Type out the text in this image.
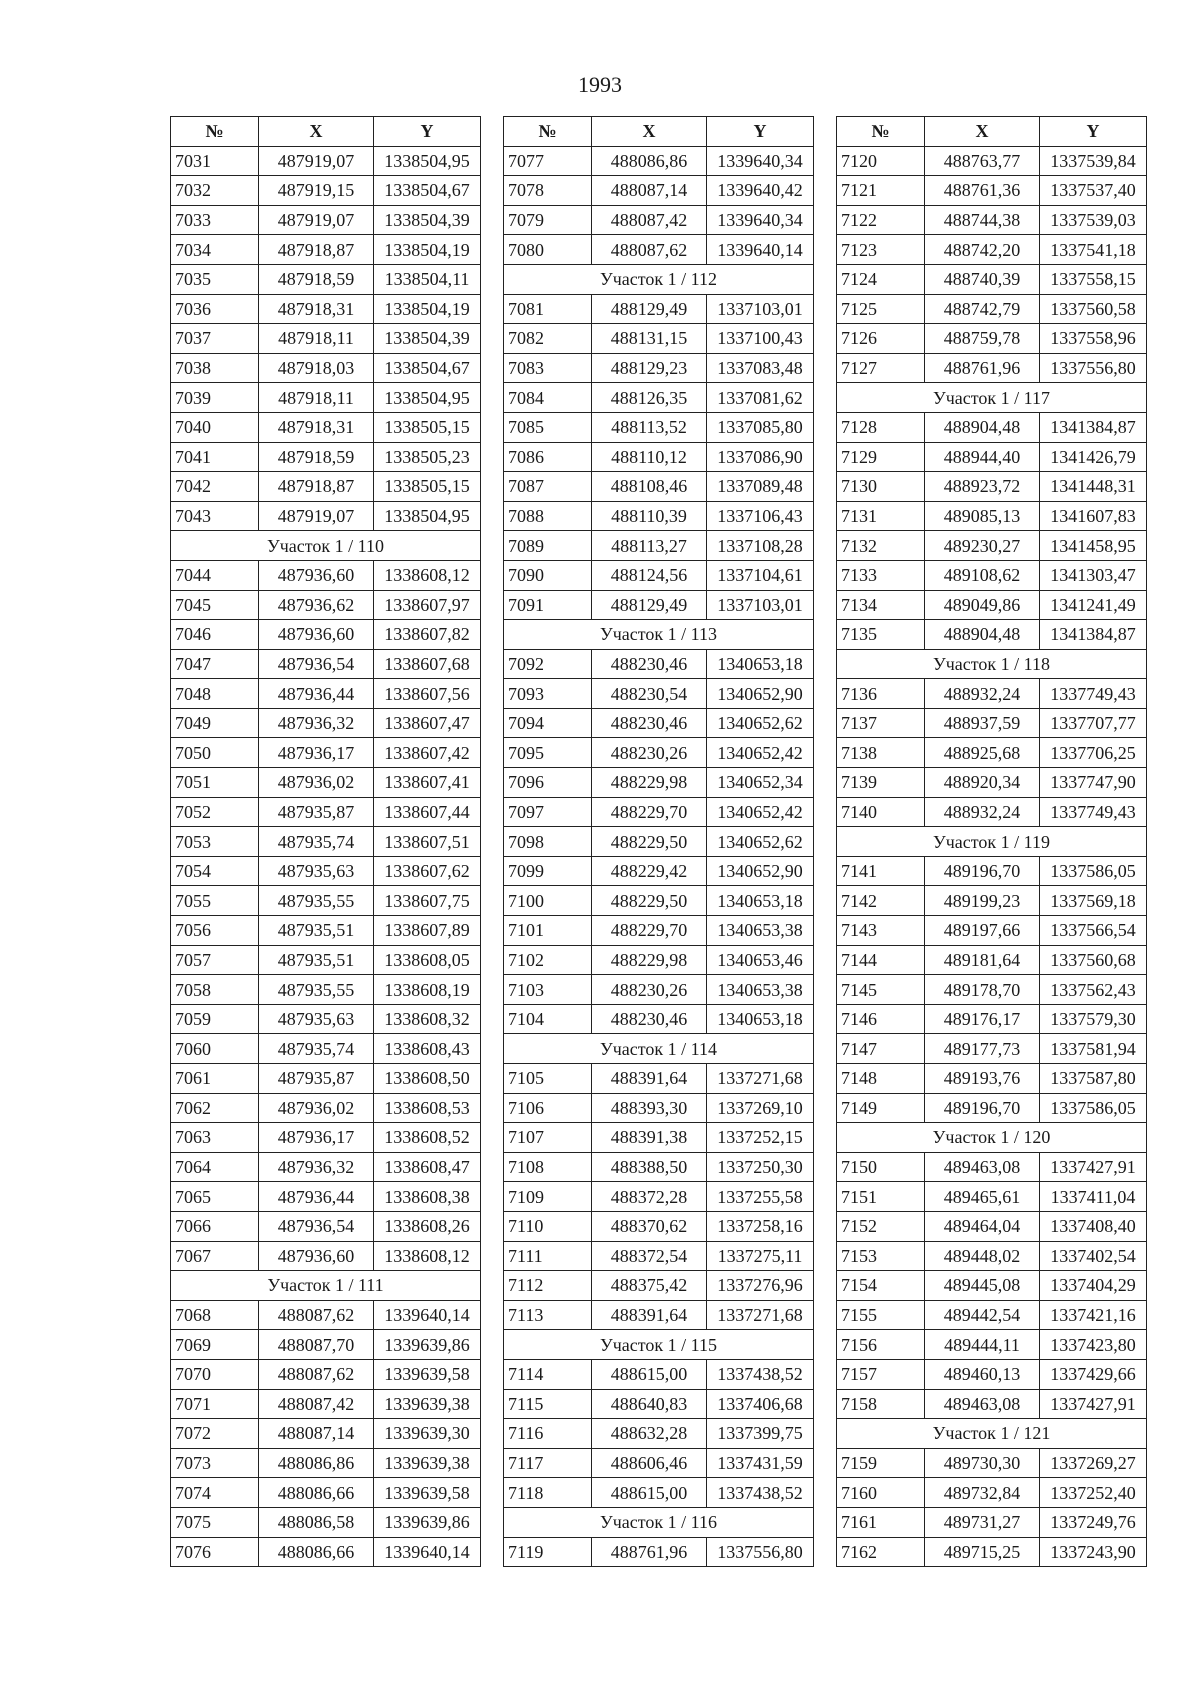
1993
№	X	Y
7031	487919,07	1338504,95
7032	487919,15	1338504,67
7033	487919,07	1338504,39
7034	487918,87	1338504,19
7035	487918,59	1338504,11
7036	487918,31	1338504,19
7037	487918,11	1338504,39
7038	487918,03	1338504,67
7039	487918,11	1338504,95
7040	487918,31	1338505,15
7041	487918,59	1338505,23
7042	487918,87	1338505,15
7043	487919,07	1338504,95
Участок 1 / 110		
7044	487936,60	1338608,12
7045	487936,62	1338607,97
7046	487936,60	1338607,82
7047	487936,54	1338607,68
7048	487936,44	1338607,56
7049	487936,32	1338607,47
7050	487936,17	1338607,42
7051	487936,02	1338607,41
7052	487935,87	1338607,44
7053	487935,74	1338607,51
7054	487935,63	1338607,62
7055	487935,55	1338607,75
7056	487935,51	1338607,89
7057	487935,51	1338608,05
7058	487935,55	1338608,19
7059	487935,63	1338608,32
7060	487935,74	1338608,43
7061	487935,87	1338608,50
7062	487936,02	1338608,53
7063	487936,17	1338608,52
7064	487936,32	1338608,47
7065	487936,44	1338608,38
7066	487936,54	1338608,26
7067	487936,60	1338608,12
Участок 1 / 111		
7068	488087,62	1339640,14
7069	488087,70	1339639,86
7070	488087,62	1339639,58
7071	488087,42	1339639,38
7072	488087,14	1339639,30
7073	488086,86	1339639,38
7074	488086,66	1339639,58
7075	488086,58	1339639,86
7076	488086,66	1339640,14
№	X	Y
7077	488086,86	1339640,34
7078	488087,14	1339640,42
7079	488087,42	1339640,34
7080	488087,62	1339640,14
Участок 1 / 112		
7081	488129,49	1337103,01
7082	488131,15	1337100,43
7083	488129,23	1337083,48
7084	488126,35	1337081,62
7085	488113,52	1337085,80
7086	488110,12	1337086,90
7087	488108,46	1337089,48
7088	488110,39	1337106,43
7089	488113,27	1337108,28
7090	488124,56	1337104,61
7091	488129,49	1337103,01
Участок 1 / 113		
7092	488230,46	1340653,18
7093	488230,54	1340652,90
7094	488230,46	1340652,62
7095	488230,26	1340652,42
7096	488229,98	1340652,34
7097	488229,70	1340652,42
7098	488229,50	1340652,62
7099	488229,42	1340652,90
7100	488229,50	1340653,18
7101	488229,70	1340653,38
7102	488229,98	1340653,46
7103	488230,26	1340653,38
7104	488230,46	1340653,18
Участок 1 / 114		
7105	488391,64	1337271,68
7106	488393,30	1337269,10
7107	488391,38	1337252,15
7108	488388,50	1337250,30
7109	488372,28	1337255,58
7110	488370,62	1337258,16
7111	488372,54	1337275,11
7112	488375,42	1337276,96
7113	488391,64	1337271,68
Участок 1 / 115		
7114	488615,00	1337438,52
7115	488640,83	1337406,68
7116	488632,28	1337399,75
7117	488606,46	1337431,59
7118	488615,00	1337438,52
Участок 1 / 116		
7119	488761,96	1337556,80
№	X	Y
7120	488763,77	1337539,84
7121	488761,36	1337537,40
7122	488744,38	1337539,03
7123	488742,20	1337541,18
7124	488740,39	1337558,15
7125	488742,79	1337560,58
7126	488759,78	1337558,96
7127	488761,96	1337556,80
Участок 1 / 117		
7128	488904,48	1341384,87
7129	488944,40	1341426,79
7130	488923,72	1341448,31
7131	489085,13	1341607,83
7132	489230,27	1341458,95
7133	489108,62	1341303,47
7134	489049,86	1341241,49
7135	488904,48	1341384,87
Участок 1 / 118		
7136	488932,24	1337749,43
7137	488937,59	1337707,77
7138	488925,68	1337706,25
7139	488920,34	1337747,90
7140	488932,24	1337749,43
Участок 1 / 119		
7141	489196,70	1337586,05
7142	489199,23	1337569,18
7143	489197,66	1337566,54
7144	489181,64	1337560,68
7145	489178,70	1337562,43
7146	489176,17	1337579,30
7147	489177,73	1337581,94
7148	489193,76	1337587,80
7149	489196,70	1337586,05
Участок 1 / 120		
7150	489463,08	1337427,91
7151	489465,61	1337411,04
7152	489464,04	1337408,40
7153	489448,02	1337402,54
7154	489445,08	1337404,29
7155	489442,54	1337421,16
7156	489444,11	1337423,80
7157	489460,13	1337429,66
7158	489463,08	1337427,91
Участок 1 / 121		
7159	489730,30	1337269,27
7160	489732,84	1337252,40
7161	489731,27	1337249,76
7162	489715,25	1337243,90
